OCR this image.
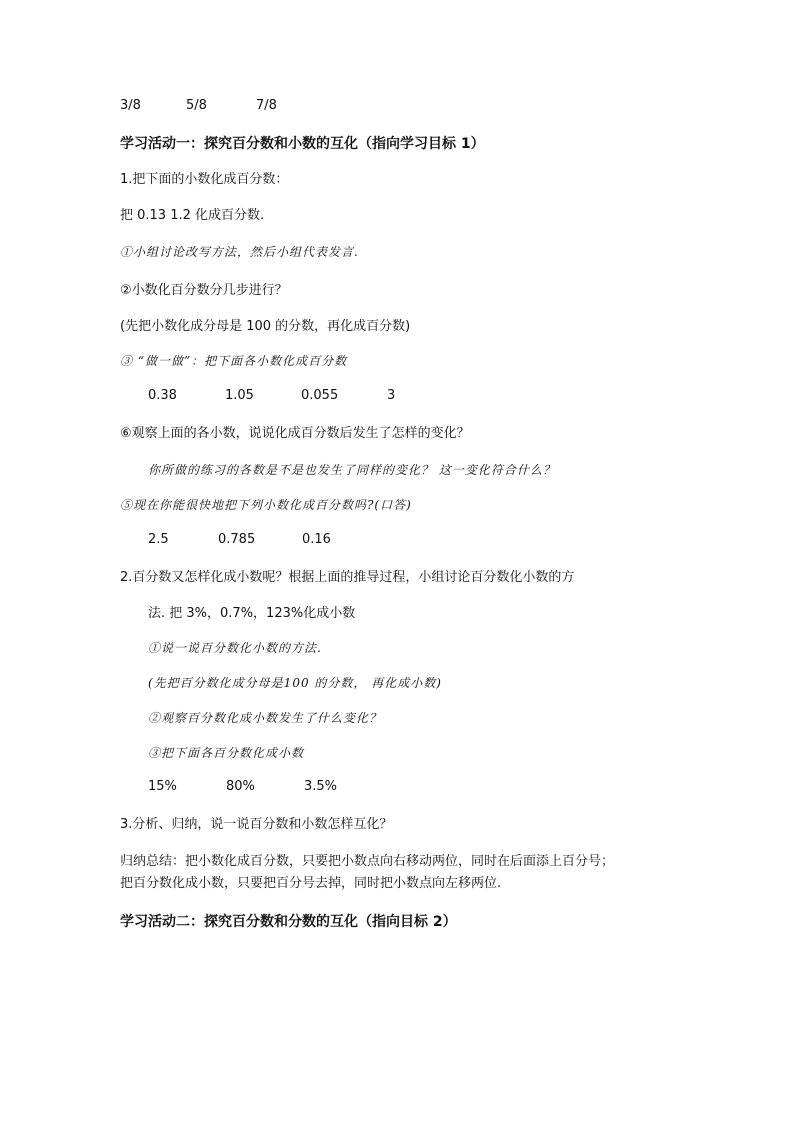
3/8	5/8	7/8
学习活动一：探究百分数和小数的互化（指向学习目标 1）
1.把下面的小数化成百分数：
把 0.13 1.2 化成百分数.
①小组讨论改写方法，然后小组代表发言.
②小数化百分数分几步进行？
(先把小数化成分母是 100 的分数，再化成百分数)
③ “做一做”：把下面各小数化成百分数
0.38	1.05	0.055	3
⑥观察上面的各小数，说说化成百分数后发生了怎样的变化？
你所做的练习的各数是不是也发生了同样的变化？ 这一变化符合什么？
⑤现在你能很快地把下列小数化成百分数吗?(口答)
2.5	0.785	0.16
2.百分数又怎样化成小数呢？根据上面的推导过程，小组讨论百分数化小数的方
法. 把 3%，0.7%，123%化成小数
①说一说百分数化小数的方法.
(先把百分数化成分母是100 的分数， 再化成小数)
②观察百分数化成小数发生了什么变化？
③把下面各百分数化成小数
15%	80%	3.5%
3.分析、归纳，说一说百分数和小数怎样互化？
归纳总结：把小数化成百分数，只要把小数点向右移动两位，同时在后面添上百分号；
把百分数化成小数，只要把百分号去掉，同时把小数点向左移两位.
学习活动二：探究百分数和分数的互化（指向目标 2）
